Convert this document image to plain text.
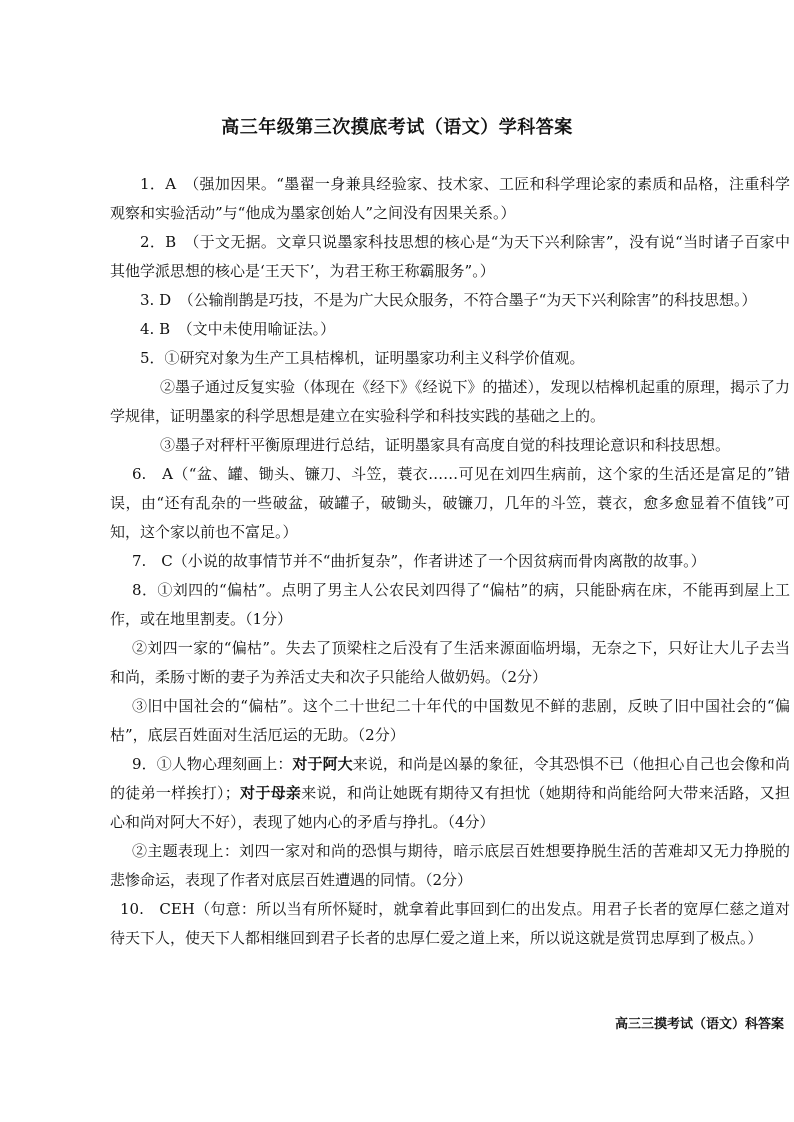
高三年级第三次摸底考试（语文）学科答案

1．A　（强加因果。“墨翟一身兼具经验家、技术家、工匠和科学理论家的素质和品格，注重科学观察和实验活动”与“他成为墨家创始人”之间没有因果关系。）

2．B　（于文无据。文章只说墨家科技思想的核心是“为天下兴利除害”，没有说“当时诸子百家中其他学派思想的核心是‘王天下’，为君王称王称霸服务”。）

3. D　（公输削鹊是巧技，不是为广大民众服务，不符合墨子“为天下兴利除害”的科技思想。）

4. B　（文中未使用喻证法。）

5．①研究对象为生产工具桔槔机，证明墨家功利主义科学价值观。

②墨子通过反复实验（体现在《经下》《经说下》的描述），发现以桔槔机起重的原理，揭示了力学规律，证明墨家的科学思想是建立在实验科学和科技实践的基础之上的。

③墨子对秤杆平衡原理进行总结，证明墨家具有高度自觉的科技理论意识和科技思想。

6.　A（“盆、罐、锄头、镰刀、斗笠，蓑衣……可见在刘四生病前，这个家的生活还是富足的”错误，由“还有乱杂的一些破盆，破罐子，破锄头，破镰刀，几年的斗笠，蓑衣，愈多愈显着不值钱”可知，这个家以前也不富足。）

7.　C（小说的故事情节并不“曲折复杂”，作者讲述了一个因贫病而骨肉离散的故事。）

8．①刘四的“偏枯”。点明了男主人公农民刘四得了“偏枯”的病，只能卧病在床，不能再到屋上工作，或在地里割麦。（1分）

②刘四一家的“偏枯”。失去了顶梁柱之后没有了生活来源面临坍塌，无奈之下，只好让大儿子去当和尚，柔肠寸断的妻子为养活丈夫和次子只能给人做奶妈。（2分）

③旧中国社会的“偏枯”。这个二十世纪二十年代的中国数见不鲜的悲剧，反映了旧中国社会的“偏枯”，底层百姓面对生活厄运的无助。（2分）

9．①人物心理刻画上：对于阿大来说，和尚是凶暴的象征，令其恐惧不已（他担心自己也会像和尚的徒弟一样挨打）；对于母亲来说，和尚让她既有期待又有担忧（她期待和尚能给阿大带来活路，又担心和尚对阿大不好），表现了她内心的矛盾与挣扎。（4分）

②主题表现上：刘四一家对和尚的恐惧与期待，暗示底层百姓想要挣脱生活的苦难却又无力挣脱的悲惨命运，表现了作者对底层百姓遭遇的同情。（2分）

10.　CEH（句意：所以当有所怀疑时，就拿着此事回到仁的出发点。用君子长者的宽厚仁慈之道对待天下人，使天下人都相继回到君子长者的忠厚仁爱之道上来，所以说这就是赏罚忠厚到了极点。）

高三三摸考试（语文）科答案
